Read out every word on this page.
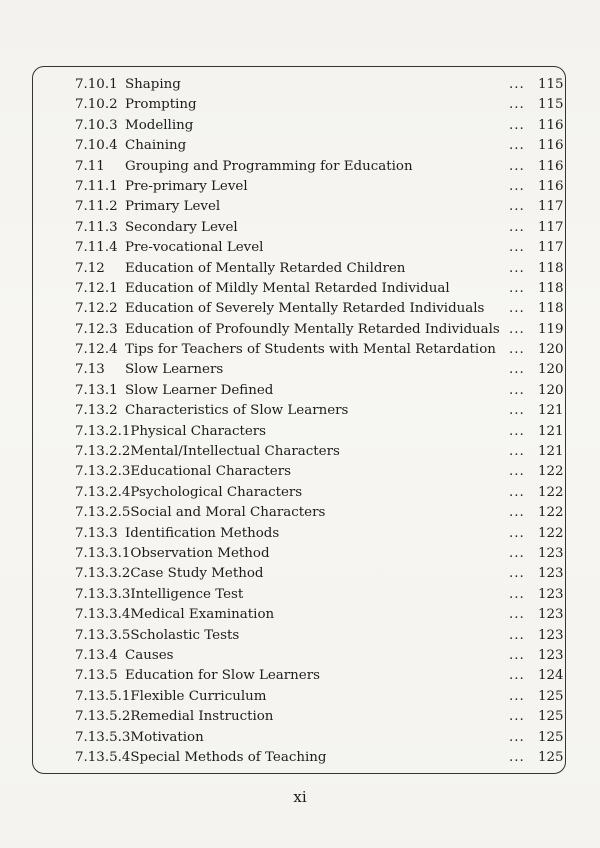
7.10.1 Shaping	... 115
7.10.2 Prompting	... 115
7.10.3 Modelling	... 116
7.10.4 Chaining	... 116
7.11 Grouping and Programming for Education	... 116
7.11.1 Pre-primary Level	... 116
7.11.2 Primary Level	... 117
7.11.3 Secondary Level	... 117
7.11.4 Pre-vocational Level	... 117
7.12 Education of Mentally Retarded Children	... 118
7.12.1 Education of Mildly Mental Retarded Individual	... 118
7.12.2 Education of Severely Mentally Retarded Individuals ... 118
7.12.3 Education of Profoundly Mentally Retarded Individuals ... 119
7.12.4 Tips for Teachers of Students with Mental Retardation ... 120
7.13 Slow Learners	... 120
7.13.1 Slow Learner Defined	... 120
7.13.2 Characteristics of Slow Learners	... 121
7.13.2.1Physical Characters	... 121
7.13.2.2Mental/Intellectual Characters	... 121
7.13.2.3Educational Characters	... 122
7.13.2.4Psychological Characters	... 122
7.13.2.5Social and Moral Characters	... 122
7.13.3 Identification Methods	... 122
7.13.3.1Observation Method	... 123
7.13.3.2Case Study Method	... 123
7.13.3.3Intelligence Test	... 123
7.13.3.4Medical Examination	... 123
7.13.3.5Scholastic Tests	... 123
7.13.4 Causes	... 123
7.13.5 Education for Slow Learners	... 124
7.13.5.1Flexible Curriculum	... 125
7.13.5.2Remedial Instruction	... 125
7.13.5.3Motivation	... 125
7.13.5.4Special Methods of Teaching	... 125
xi
